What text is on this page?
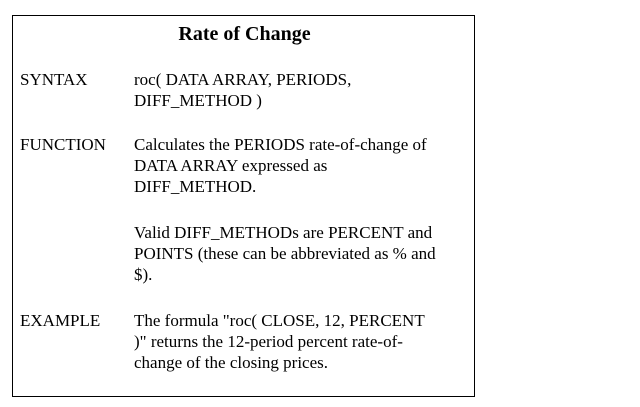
Rate of Change
SYNTAX	roc( DATA ARRAY, PERIODS,
DIFF_METHOD )
FUNCTION Calculates the PERIODS rate-of-change of
DATA ARRAY expressed as
DIFF_METHOD.
Valid DIFF_METHODs are PERCENT and
POINTS (these can be abbreviated as % and
$).
EXAMPLE The formula "roc( CLOSE, 12, PERCENT
)" returns the 12-period percent rate-of-
change of the closing prices.
